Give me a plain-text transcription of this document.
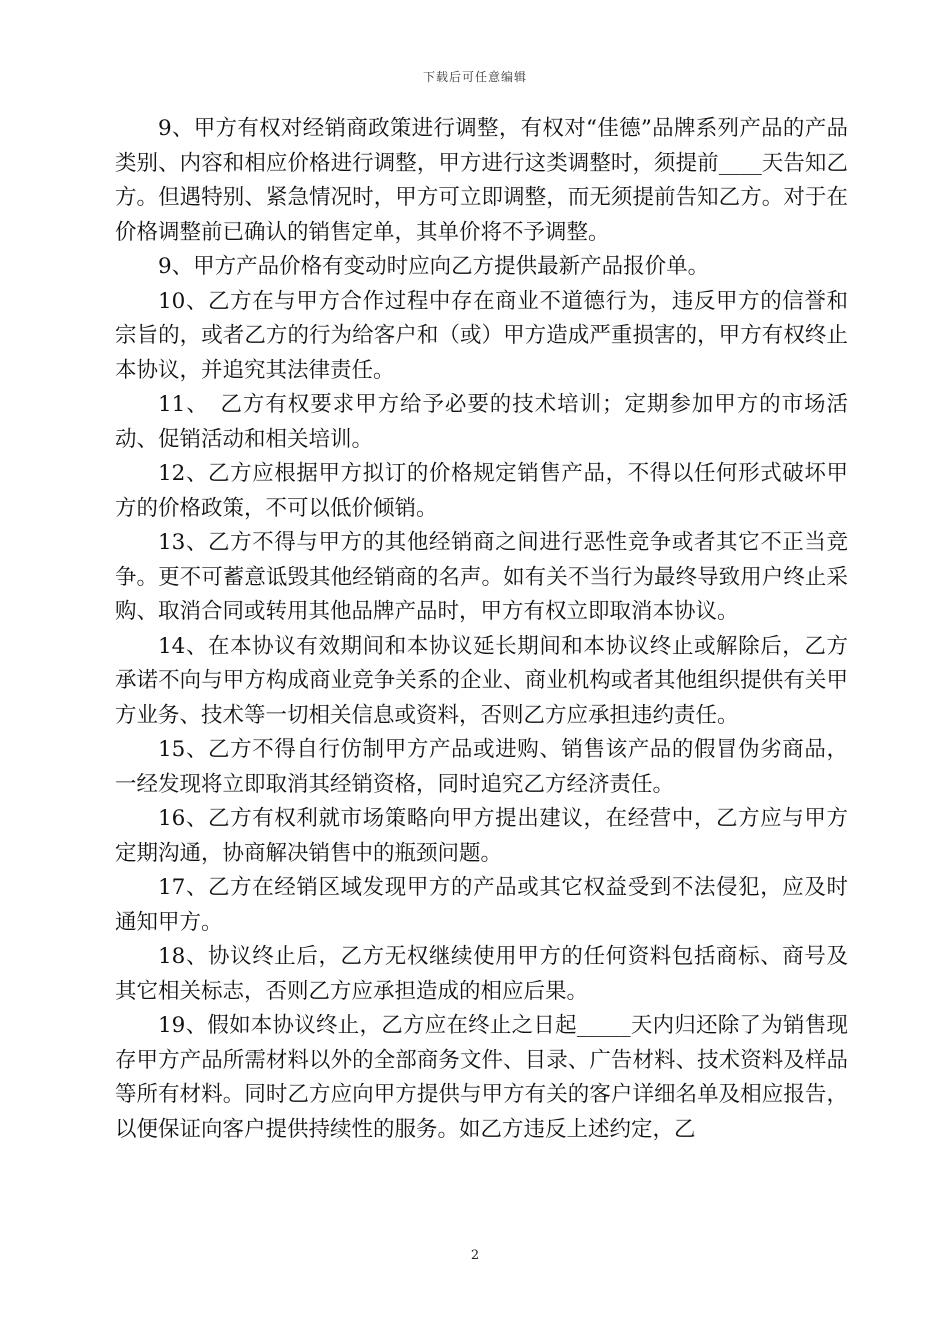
下载后可任意编辑

9、甲方有权对经销商政策进行调整，有权对“佳德”品牌系列产品的产品类别、内容和相应价格进行调整，甲方进行这类调整时，须提前____天告知乙方。但遇特别、紧急情况时，甲方可立即调整，而无须提前告知乙方。对于在价格调整前已确认的销售定单，其单价将不予调整。

9、甲方产品价格有变动时应向乙方提供最新产品报价单。

10、乙方在与甲方合作过程中存在商业不道德行为，违反甲方的信誉和宗旨的，或者乙方的行为给客户和（或）甲方造成严重损害的，甲方有权终止本协议，并追究其法律责任。

11、　乙方有权要求甲方给予必要的技术培训；定期参加甲方的市场活动、促销活动和相关培训。

12、乙方应根据甲方拟订的价格规定销售产品，不得以任何形式破坏甲方的价格政策，不可以低价倾销。

13、乙方不得与甲方的其他经销商之间进行恶性竞争或者其它不正当竞争。更不可蓄意诋毁其他经销商的名声。如有关不当行为最终导致用户终止采购、取消合同或转用其他品牌产品时，甲方有权立即取消本协议。

14、在本协议有效期间和本协议延长期间和本协议终止或解除后，乙方承诺不向与甲方构成商业竞争关系的企业、商业机构或者其他组织提供有关甲方业务、技术等一切相关信息或资料，否则乙方应承担违约责任。

15、乙方不得自行仿制甲方产品或进购、销售该产品的假冒伪劣商品，一经发现将立即取消其经销资格，同时追究乙方经济责任。

16、乙方有权利就市场策略向甲方提出建议，在经营中，乙方应与甲方定期沟通，协商解决销售中的瓶颈问题。

17、乙方在经销区域发现甲方的产品或其它权益受到不法侵犯，应及时通知甲方。

18、协议终止后，乙方无权继续使用甲方的任何资料包括商标、商号及其它相关标志，否则乙方应承担造成的相应后果。

19、假如本协议终止，乙方应在终止之日起_____天内归还除了为销售现存甲方产品所需材料以外的全部商务文件、目录、广告材料、技术资料及样品等所有材料。同时乙方应向甲方提供与甲方有关的客户详细名单及相应报告，以便保证向客户提供持续性的服务。如乙方违反上述约定，乙

2
